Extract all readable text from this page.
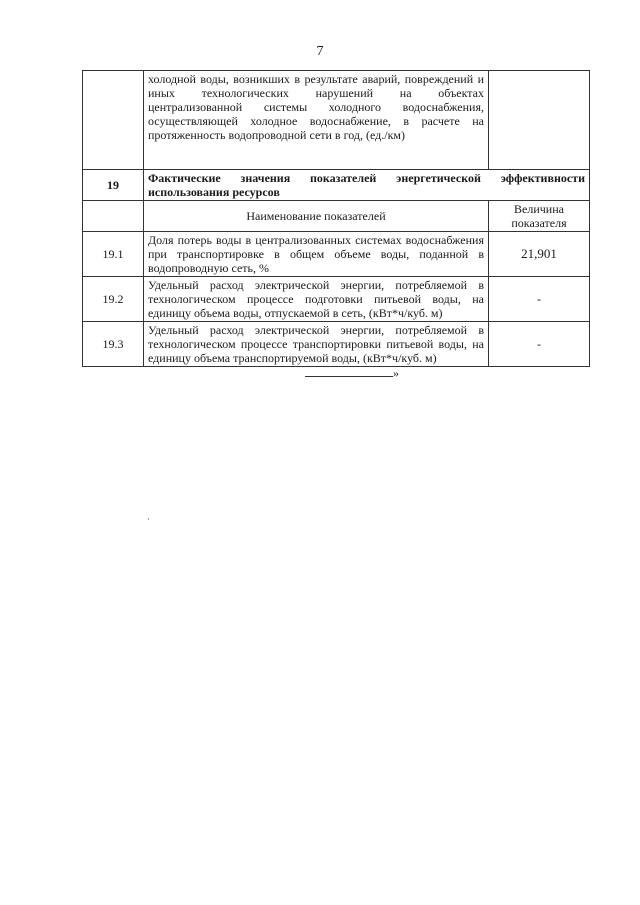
7
	холодной воды, возникших в результате аварий, повреждений и иных технологических нарушений на объектах централизованной системы холодного водоснабжения, осуществляющей холодное водоснабжение, в расчете на протяженность водопроводной сети в год, (ед./км)	
19	Фактические значения показателей энергетической эффективности использования ресурсов	
	Наименование показателей	Величина показателя
19.1	Доля потерь воды в централизованных системах водоснабжения при транспортировке в общем объеме воды, поданной в водопроводную сеть, %	21,901
19.2	Удельный расход электрической энергии, потребляемой в технологическом процессе подготовки питьевой воды, на единицу объема воды, отпускаемой в сеть, (кВт*ч/куб. м)	-
19.3	Удельный расход электрической энергии, потребляемой в технологическом процессе транспортировки питьевой воды, на единицу объема транспортируемой воды, (кВт*ч/куб. м)	-
»
